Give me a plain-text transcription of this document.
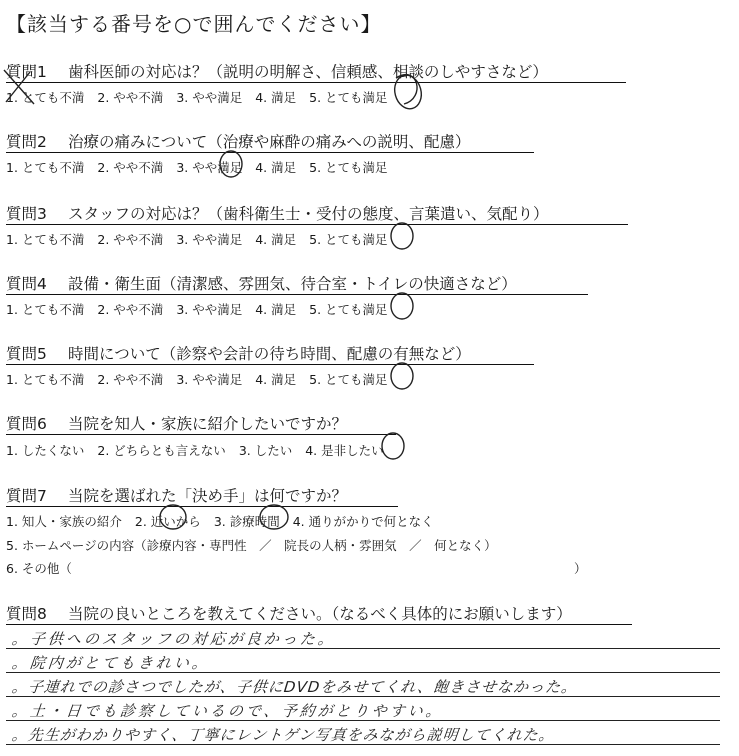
【該当する番号を○で囲んでください】
質問1 歯科医師の対応は？（説明の明解さ、信頼感、相談のしやすさなど）
1. とても不満 2. やや不満 3. やや満足 4. 満足 5. とても満足
質問2 治療の痛みについて（治療や麻酔の痛みへの説明、配慮）
1. とても不満 2. やや不満 3. やや満足 4. 満足 5. とても満足
質問3 スタッフの対応は？（歯科衛生士・受付の態度、言葉遣い、気配り）
1. とても不満 2. やや不満 3. やや満足 4. 満足 5. とても満足
質問4 設備・衛生面（清潔感、雰囲気、待合室・トイレの快適さなど）
1. とても不満 2. やや不満 3. やや満足 4. 満足 5. とても満足
質問5 時間について（診察や会計の待ち時間、配慮の有無など）
1. とても不満 2. やや不満 3. やや満足 4. 満足 5. とても満足
質問6 当院を知人・家族に紹介したいですか？
1. したくない 2. どちらとも言えない 3. したい 4. 是非したい
質問7 当院を選ばれた「決め手」は何ですか？
1. 知人・家族の紹介 2. 近いから 3. 診療時間 4. 通りがかりで何となく
5. ホームページの内容（診療内容・専門性　／　院長の人柄・雰囲気　／　何となく）
6. その他（	）
質問8 当院の良いところを教えてください。（なるべく具体的にお願いします）
。子供へのスタッフの対応が良かった。
。院内がとてもきれい。
。子連れでの診さつでしたが、子供にDVDをみせてくれ、飽きさせなかった。
。土・日でも診察しているので、予約がとりやすい。
。先生がわかりやすく、丁寧にレントゲン写真をみながら説明してくれた。
